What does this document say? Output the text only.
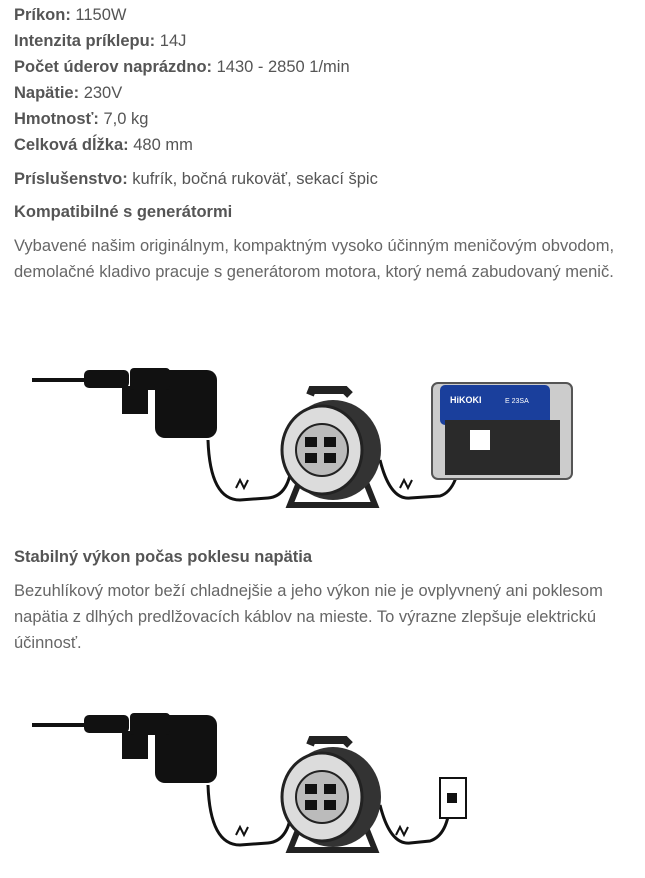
Príkon: 1150W
Intenzita príklepu: 14J
Počet úderov naprázdno: 1430 - 2850 1/min
Napätie: 230V
Hmotnosť: 7,0 kg
Celková dĺžka: 480 mm
Príslušenstvo: kufrík, bočná rukoväť, sekací špic
Kompatibilné s generátormi
Vybavené našim originálnym, kompaktným vysoko účinným meničovým obvodom, demolačné kladivo pracuje s generátorom motora, ktorý nemá zabudovaný menič.
HiKOKI	E 23SA
Stabilný výkon počas poklesu napätia
Bezuhlíkový motor beží chladnejšie a jeho výkon nie je ovplyvnený ani poklesom napätia z dlhých predlžovacích káblov na mieste. To výrazne zlepšuje elektrickú účinnosť.
